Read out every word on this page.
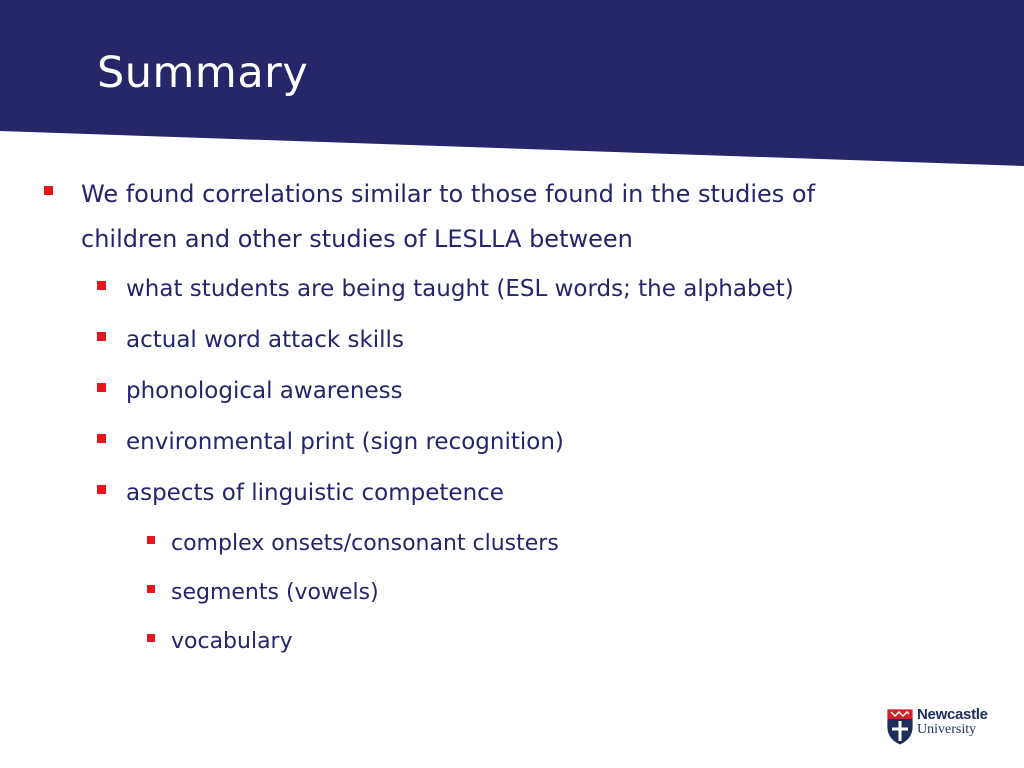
Summary
We found correlations similar to those found in the studies of
children and other studies of LESLLA between
what students are being taught (ESL words; the alphabet)
actual word attack skills
phonological awareness
environmental print (sign recognition)
aspects of linguistic competence
complex onsets/consonant clusters
segments (vowels)
vocabulary
Newcastle
University
